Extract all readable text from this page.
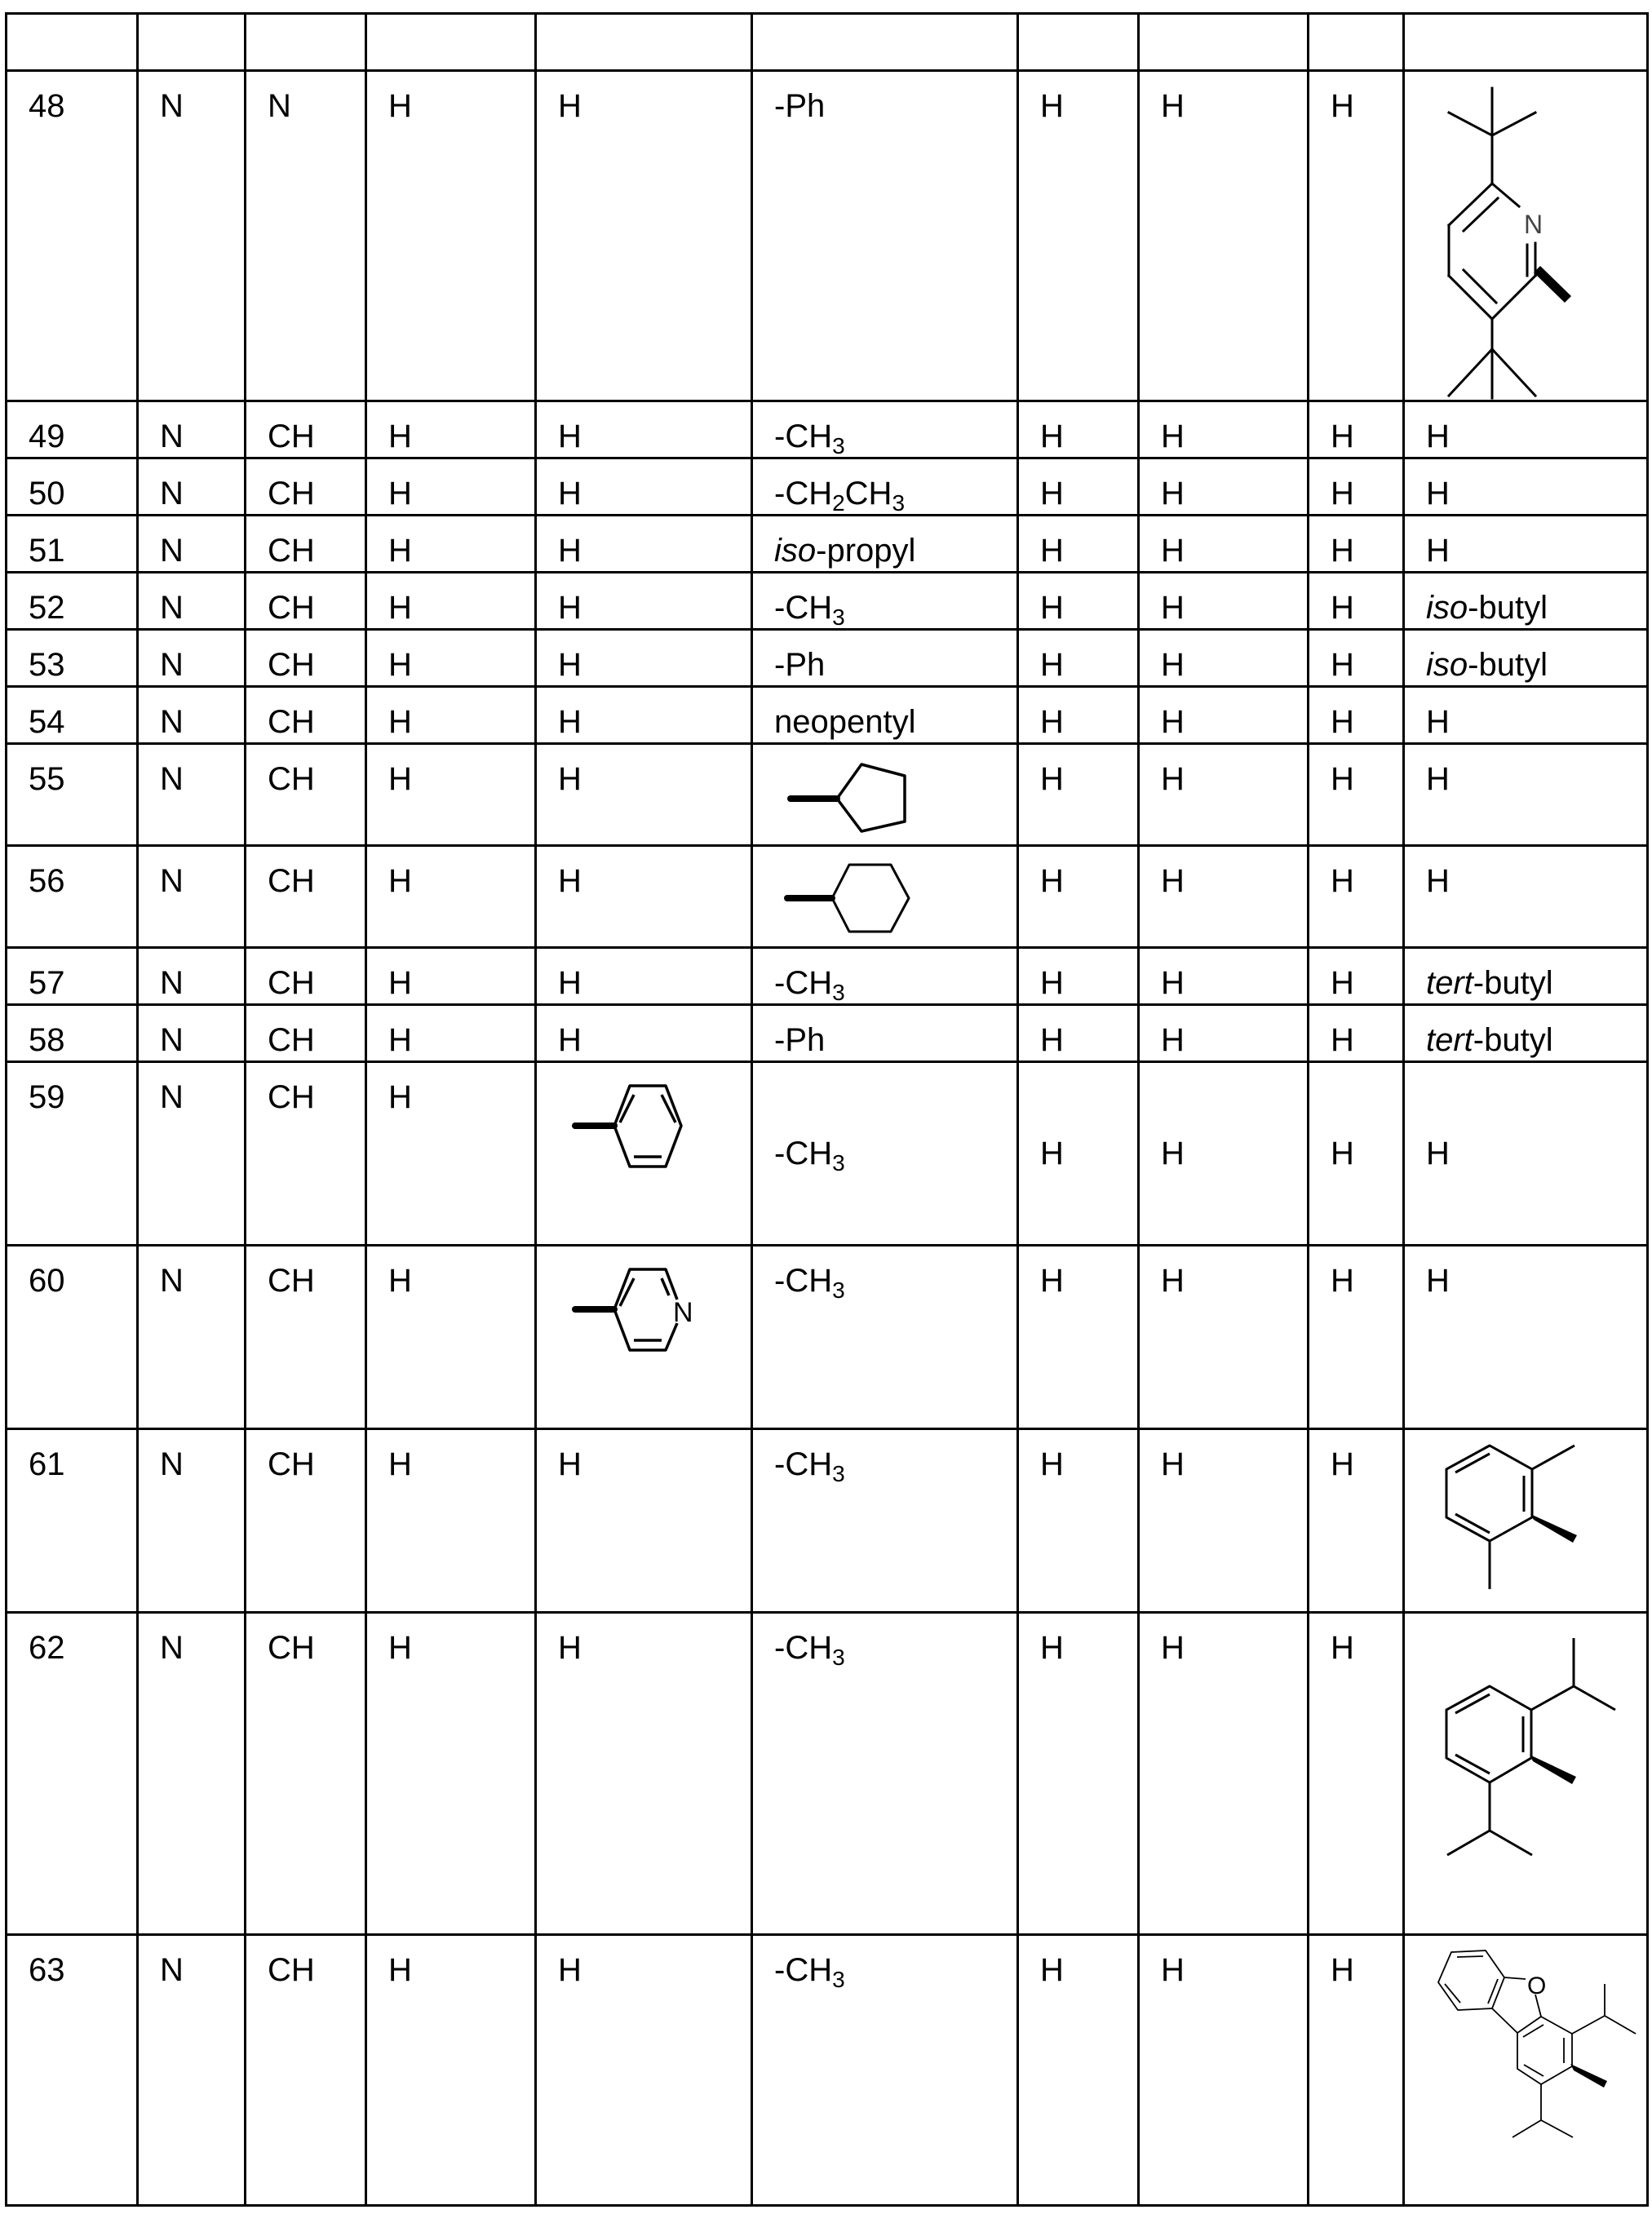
48	N	N	H	H	-Ph	H	H	H	N

49	N	CH	H	H	$-CH_3$	H	H	H	H

50	N	CH	H	H	$-CH_2CH_3$	H	H	H	H

51	N	CH	H	H	iso-propyl	H	H	H	H

52	N	CH	H	H	$-CH_3$	H	H	H	iso-butyl

53	N	CH	H	H	-Ph	H	H	H	iso-butyl

54	N	CH	H	H	neopentyl	H	H	H	H

55	N	CH	H	H		H	H	H	H

56	N	CH	H	H		H	H	H	H

57	N	CH	H	H	$-CH_3$	H	H	H	tert-butyl

58	N	CH	H	H	-Ph	H	H	H	tert-butyl

59	N	CH	H		$-CH_3$	H	H	H	H

60	N	CH	H	N	$-CH_3$	H	H	H	H

61	N	CH	H	H	$-CH_3$	H	H	H

62	N	CH	H	H	$-CH_3$	H	H	H

63	N	CH	H	H	$-CH_3$	H	H	H	O
